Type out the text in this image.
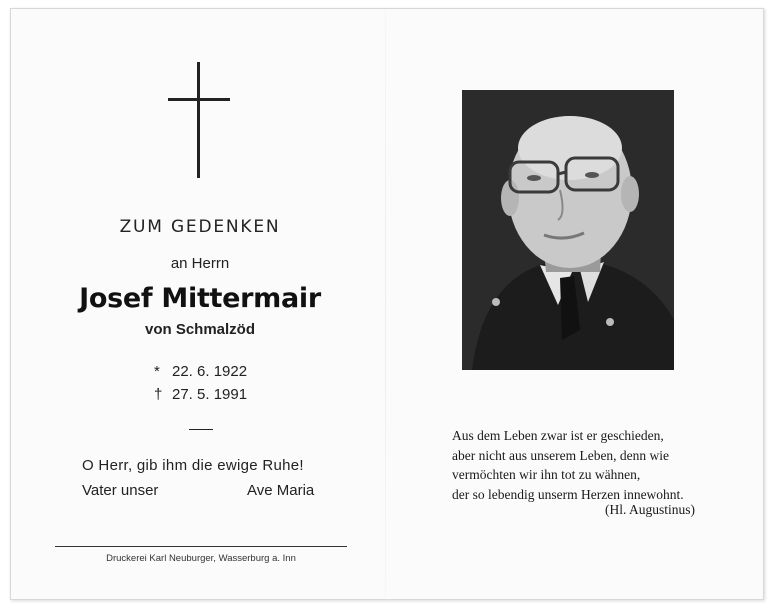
ZUM GEDENKEN
an Herrn
Josef Mittermair
von Schmalzöd
* 22. 6. 1922
† 27. 5. 1991
O Herr, gib ihm die ewige Ruhe!
Vater unser	Ave Maria
Druckerei Karl Neuburger, Wasserburg a. Inn
Aus dem Leben zwar ist er geschieden,
aber nicht aus unserem Leben, denn wie
vermöchten wir ihn tot zu wähnen,
der so lebendig unserm Herzen innewohnt.
(Hl. Augustinus)
